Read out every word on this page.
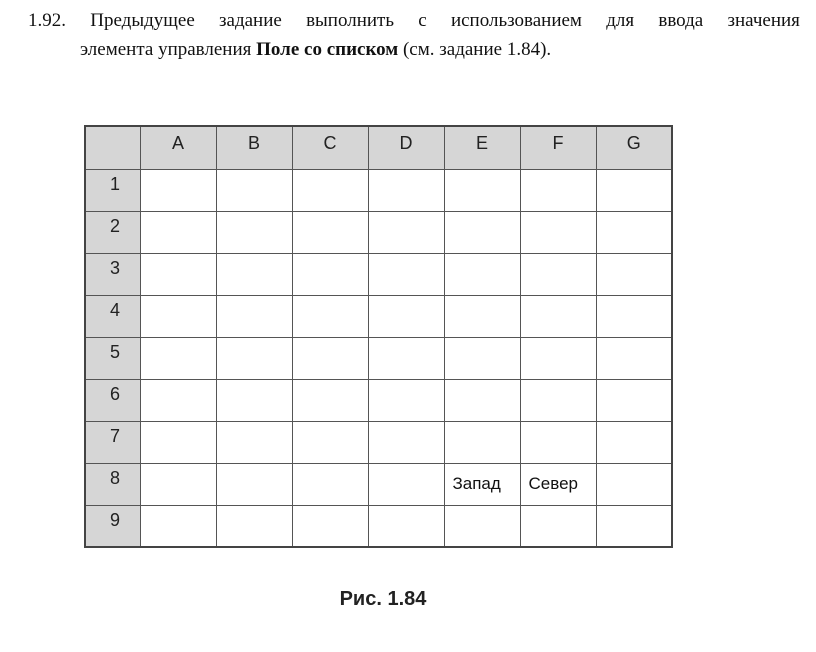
1.92. Предыдущее задание выполнить с использованием для ввода значения
элемента управления Поле со списком (см. задание 1.84).
	A	B	C	D	E	F	G
1							
2							
3							
4							
5							
6							
7							
8					Запад	Север	
9							
Рис. 1.84
